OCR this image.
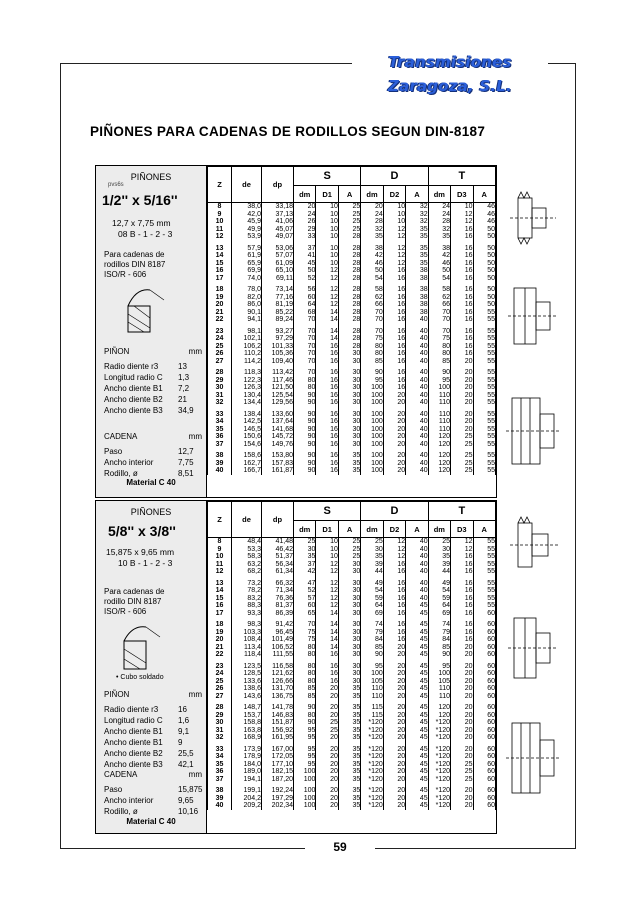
Transmisiones Zaragoza, S.L.
PIÑONES PARA CADENAS DE RODILLOS SEGUN DIN-8187
PIÑONES
pvs6s
1/2'' x 5/16''
12,7 x 7,75 mm
08 B - 1 - 2 - 3
Para cadenas de
rodillos DIN 8187
ISO/R - 606
PIÑON	mm
Radio diente r3 13
Longitud radio C 1,3
Ancho diente B1 7,2
Ancho diente B2 21
Ancho diente B3 34,9
CADENA	mm
Paso	12,7
Ancho interior	7,75
Rodillo, ø	8,51
Material C 40
Z	de	dp	S			D			T		
			dm	D1	A	dm	D2	A	dm	D3	A
8	38,0	33,18	20	10	25	20	10	32	24	10	46
9	42,0	37,13	24	10	25	24	10	32	24	12	46
10	45,9	41,06	26	10	25	28	10	32	28	12	46
11	49,9	45,07	29	10	25	32	12	35	32	16	50
12	53,9	49,07	33	10	28	35	12	35	35	16	50

13	57,9	53,06	37	10	28	38	12	35	38	16	50
14	61,9	57,07	41	10	28	42	12	35	42	16	50
15	65,9	61,09	45	10	28	46	12	35	46	16	50
16	69,9	65,10	50	12	28	50	16	38	50	16	50
17	74,0	69,11	52	12	28	54	16	38	54	16	50

18	78,0	73,14	56	12	28	58	16	38	58	16	50
19	82,0	77,16	60	12	28	62	16	38	62	16	50
20	86,0	81,19	64	12	28	66	16	38	66	16	50
21	90,1	85,22	68	14	28	70	16	38	70	16	55
22	94,1	89,24	70	14	28	70	16	40	70	16	55

23	98,1	93,27	70	14	28	70	16	40	70	16	55
24	102,1	97,29	70	14	28	75	16	40	75	16	55
25	106,2	101,33	70	16	28	80	16	40	80	16	55
26	110,2	105,36	70	16	30	80	16	40	80	16	55
27	114,2	109,40	70	16	30	85	16	40	85	20	55

28	118,3	113,42	70	16	30	90	16	40	90	20	55
29	122,3	117,46	80	16	30	95	16	40	95	20	55
30	126,3	121,50	80	16	30	100	16	40	100	20	55
31	130,4	125,54	90	16	30	100	20	40	110	20	55
32	134,4	129,56	90	16	30	100	20	40	110	20	55

33	138,4	133,60	90	16	30	100	20	40	110	20	55
34	142,5	137,64	90	16	30	100	20	40	110	20	55
35	146,5	141,68	90	16	30	100	20	40	110	20	55
36	150,6	145,72	90	16	30	100	20	40	120	25	55
37	154,6	149,76	90	16	30	100	20	40	120	25	55

38	158,6	153,80	90	16	35	100	20	40	120	25	55
39	162,7	157,83	90	16	35	100	20	40	120	25	55
40	166,7	161,87	90	16	35	100	20	40	120	25	55
PIÑONES
5/8'' x 3/8''
15,875 x 9,65 mm
10 B - 1 - 2 - 3
Para cadenas de
rodillo DIN 8187
ISO/R - 606
• Cubo soldado
PIÑON	mm
Radio diente r3 16
Longitud radio C 1,6
Ancho diente B1 9,1
Ancho diente B1 9
Ancho diente B2 25,5
Ancho diente B3 42,1
CADENA	mm
Paso	15,875
Ancho interior	9,65
Rodillo, ø	10,16
Material C 40
Z	de	dp	S			D			T		
			dm	D1	A	dm	D2	A	dm	D3	A
8	48,4	41,48	25	10	25	25	12	40	25	12	55
9	53,3	46,42	30	10	25	30	12	40	30	12	55
10	58,3	51,37	35	10	25	35	12	40	35	16	55
11	63,2	56,34	37	12	30	39	16	40	39	16	55
12	68,2	61,34	42	12	30	44	16	40	44	16	55

13	73,2	66,32	47	12	30	49	16	40	49	16	55
14	78,2	71,34	52	12	30	54	16	40	54	16	55
15	83,2	76,36	57	12	30	59	16	40	59	16	55
16	88,3	81,37	60	12	30	64	16	45	64	16	55
17	93,3	86,39	65	14	30	69	16	45	69	16	60

18	98,3	91,42	70	14	30	74	16	45	74	16	60
19	103,3	96,45	75	14	30	79	16	45	79	16	60
20	108,4	101,49	75	14	30	84	16	45	84	16	60
21	113,4	106,52	80	14	30	85	20	45	85	20	60
22	118,4	111,55	80	16	30	90	20	45	90	20	60

23	123,5	116,58	80	16	30	95	20	45	95	20	60
24	128,5	121,62	80	16	30	100	20	45	100	20	60
25	133,6	126,66	80	16	30	105	20	45	105	20	60
26	138,6	131,70	85	20	35	110	20	45	110	20	60
27	143,6	136,75	85	20	35	110	20	45	110	20	60

28	148,7	141,78	90	20	35	115	20	45	120	20	60
29	153,7	146,83	80	20	35	115	20	45	120	20	60
30	158,8	151,87	90	25	35	*120	20	45	*120	20	60
31	163,8	156,92	95	25	35	*120	20	45	*120	20	60
32	168,9	161,95	95	20	35	*120	20	45	*120	20	60

33	173,9	167,00	95	20	35	*120	20	45	*120	20	60
34	178,9	172,05	95	20	35	*120	20	45	*120	20	60
35	184,0	177,10	95	20	35	*120	20	45	*120	25	60
36	189,0	182,15	100	20	35	*120	20	45	*120	25	60
37	194,1	187,20	100	20	35	*120	20	45	*120	25	60

38	199,1	192,24	100	20	35	*120	20	45	*120	20	60
39	204,2	197,29	100	20	35	*120	20	45	*120	20	60
40	209,2	202,34	100	20	35	*120	20	45	*120	20	60
59
